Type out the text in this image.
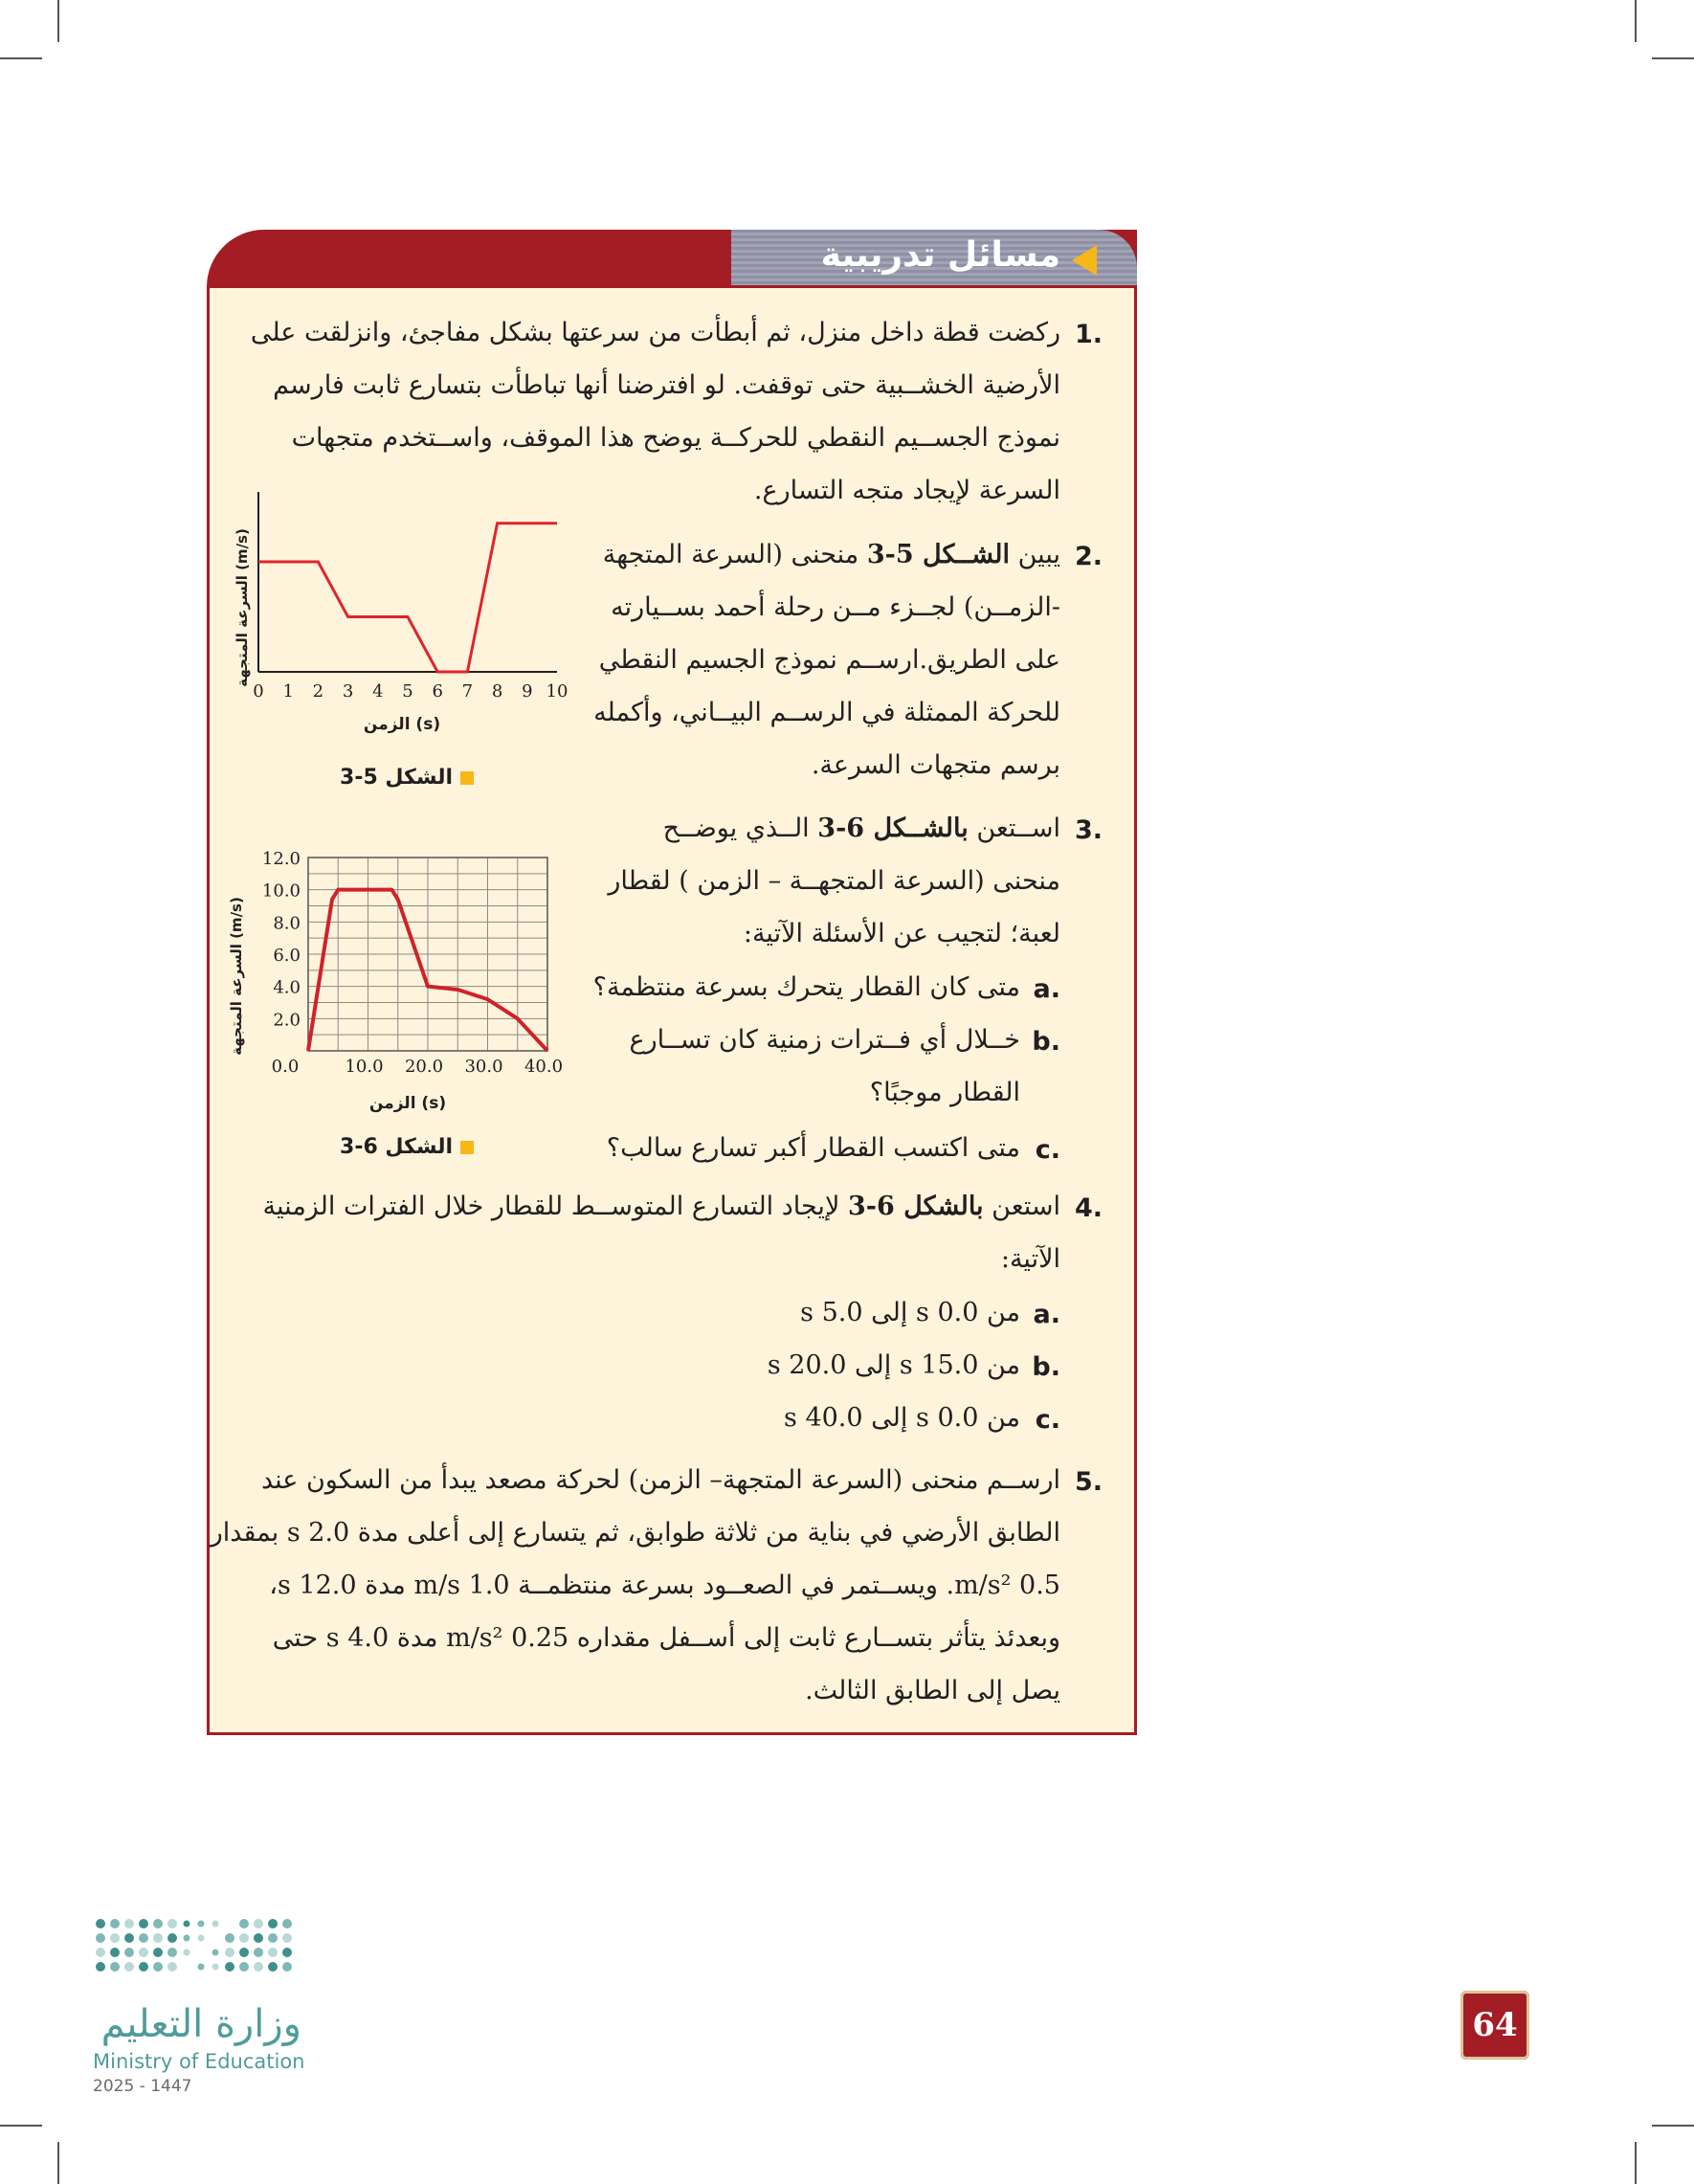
مسائل تدريبية
.1
ركضت قطة داخل منزل، ثم أبطأت من سرعتها بشكل مفاجئ، وانزلقت على
الأرضية الخشــبية حتى توقفت. لو افترضنا أنها تباطأت بتسارع ثابت فارسم
نموذج الجســيم النقطي للحركــة يوضح هذا الموقف، واســتخدم متجهات
السرعة لإيجاد متجه التسارع.
.2
يبين الشــكل 5-3 منحنى (السرعة المتجهة
-الزمــن) لجــزء مــن رحلة أحمد بســيارته
على الطريق.ارســم نموذج الجسيم النقطي
للحركة الممثلة في الرســم البيــاني، وأكمله
برسم متجهات السرعة.
السرعة المتجهة (m/s)
0 1 2 3 4 5 6 7 8 9 10
الزمن (s)
الشكل 5-3
.3
اســتعن بالشــكل 6-3 الــذي يوضــح
منحنى (السرعة المتجهــة – الزمن ) لقطار
لعبة؛ لتجيب عن الأسئلة الآتية:
.a
متى كان القطار يتحرك بسرعة منتظمة؟
.b
خــلال أي فــترات زمنية كان تســارع
القطار موجبًا؟
.c
متى اكتسب القطار أكبر تسارع سالب؟
السرعة المتجهة (m/s)
2.0
4.0
6.0
8.0
10.0
12.0
0.0	10.0 20.0 30.0 40.0
الزمن (s)
الشكل 6-3
.4
استعن بالشكل 6-3 لإيجاد التسارع المتوســط للقطار خلال الفترات الزمنية
الآتية:
.a
من 0.0 s إلى 5.0 s
.b
من 15.0 s إلى 20.0 s
.c
من 0.0 s إلى 40.0 s
.5
ارســم منحنى (السرعة المتجهة– الزمن) لحركة مصعد يبدأ من السكون عند
الطابق الأرضي في بناية من ثلاثة طوابق، ثم يتسارع إلى أعلى مدة 2.0 s بمقدار
0.5 m/s². ويســتمر في الصعــود بسرعة منتظمــة 1.0 m/s مدة 12.0 s،
وبعدئذ يتأثر بتســارع ثابت إلى أســفل مقداره 0.25 m/s² مدة 4.0 s حتى
يصل إلى الطابق الثالث.
وزارة التعليم
Ministry of Education
2025 - 1447
64
